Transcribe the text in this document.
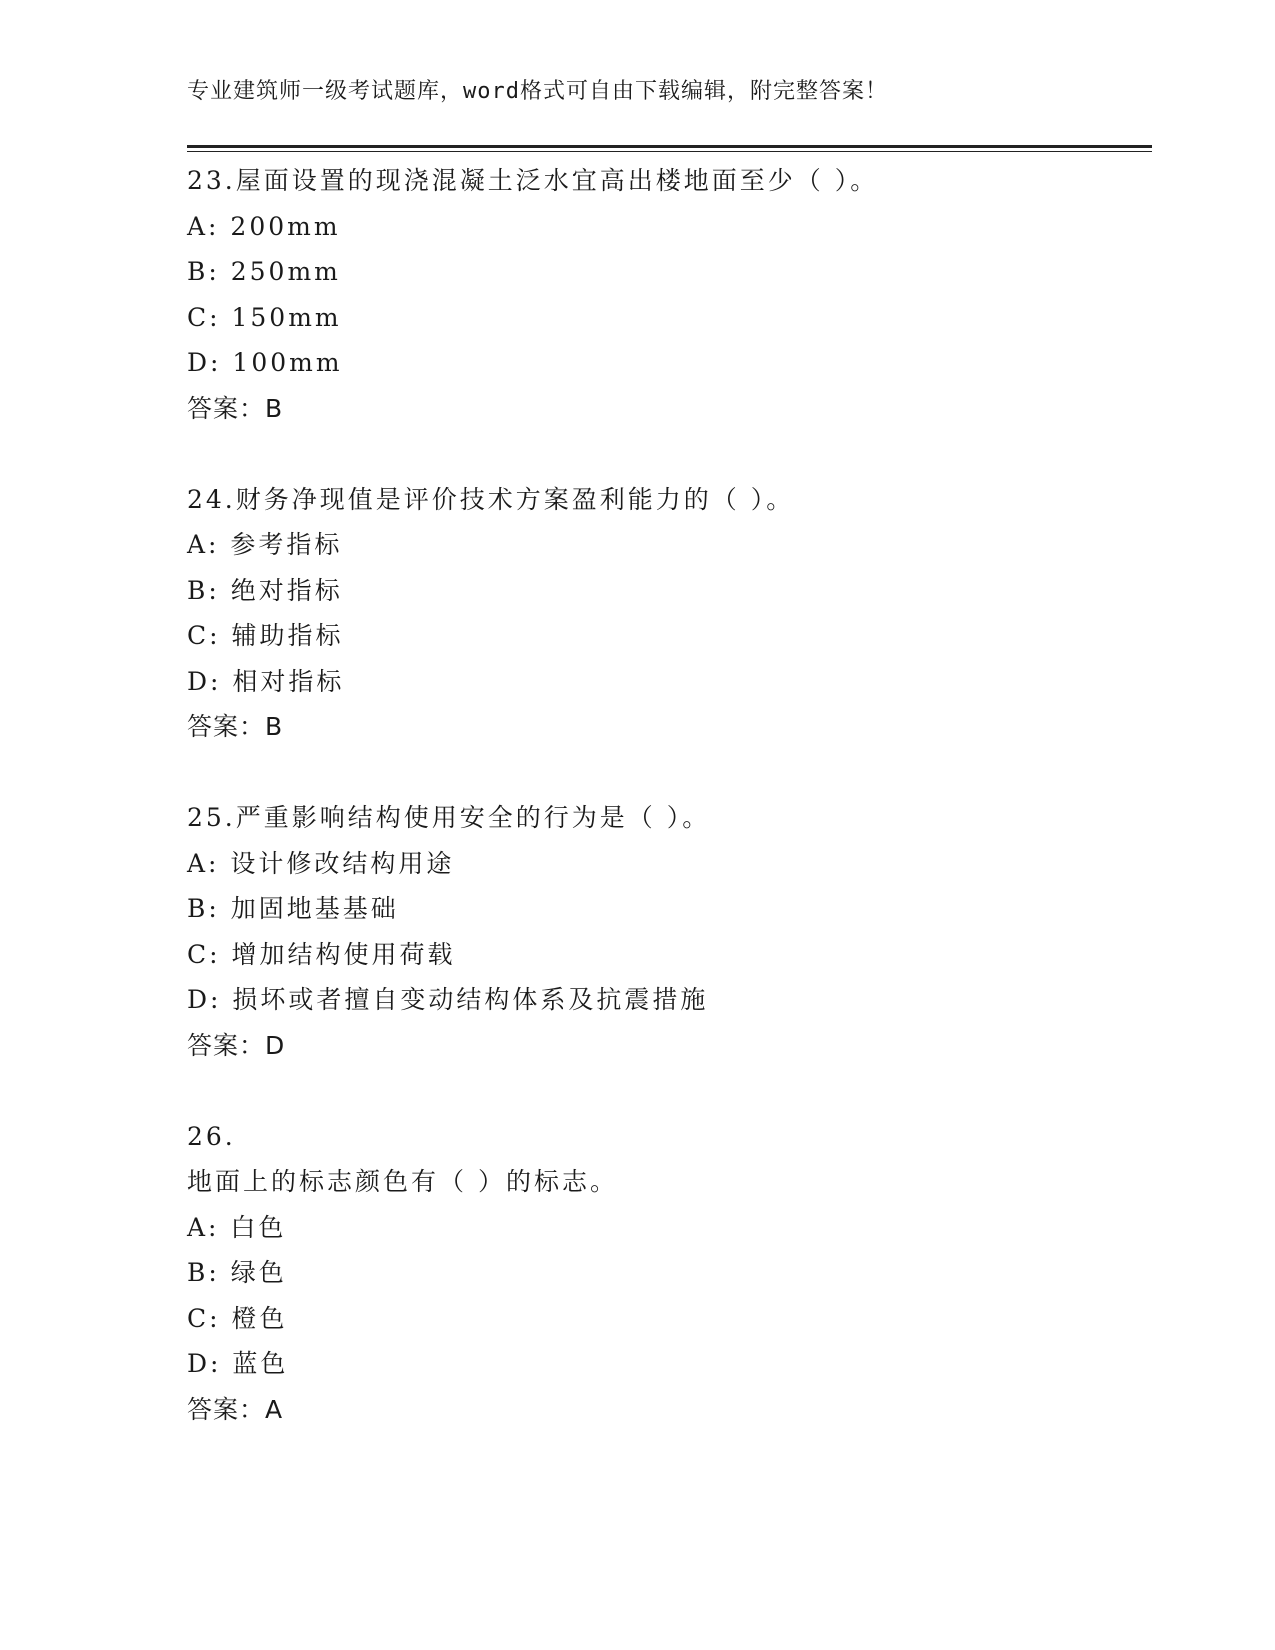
专业建筑师一级考试题库，word格式可自由下载编辑，附完整答案！
23.屋面设置的现浇混凝土泛水宜高出楼地面至少（ ）。
A: 200mm
B: 250mm
C: 150mm
D: 100mm
答案：B
24.财务净现值是评价技术方案盈利能力的（ ）。
A: 参考指标
B: 绝对指标
C: 辅助指标
D: 相对指标
答案：B
25.严重影响结构使用安全的行为是（ ）。
A: 设计修改结构用途
B: 加固地基基础
C: 增加结构使用荷载
D: 损坏或者擅自变动结构体系及抗震措施
答案：D
26.
地面上的标志颜色有（ ）的标志。
A: 白色
B: 绿色
C: 橙色
D: 蓝色
答案：A
